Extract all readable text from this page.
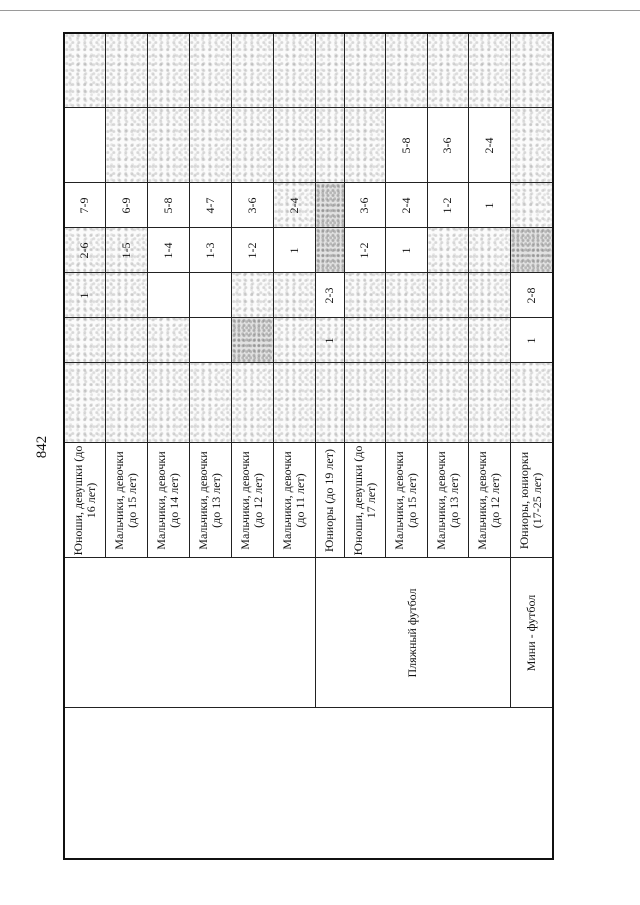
842
		Юноши, девушки (до 16 лет)			1	2-6	7-9		
		Мальчики, девочки (до 15 лет)				1-5	6-9		
		Мальчики, девочки (до 14 лет)				1-4	5-8		
		Мальчики, девочки (до 13 лет)				1-3	4-7		
		Мальчики, девочки (до 12 лет)				1-2	3-6		
		Мальчики, девочки (до 11 лет)				1	2-4		
	Пляжный футбол	Юниоры (до 19 лет)		1	2-3				
		Юноши, девушки (до 17 лет)				1-2	3-6		
		Мальчики, девочки (до 15 лет)				1	2-4	5-8	
		Мальчики, девочки (до 13 лет)					1-2	3-6	
		Мальчики, девочки (до 12 лет)					1	2-4	
	Мини - футбол	Юниоры, юниорки (17-25 лет)		1	2-8				
